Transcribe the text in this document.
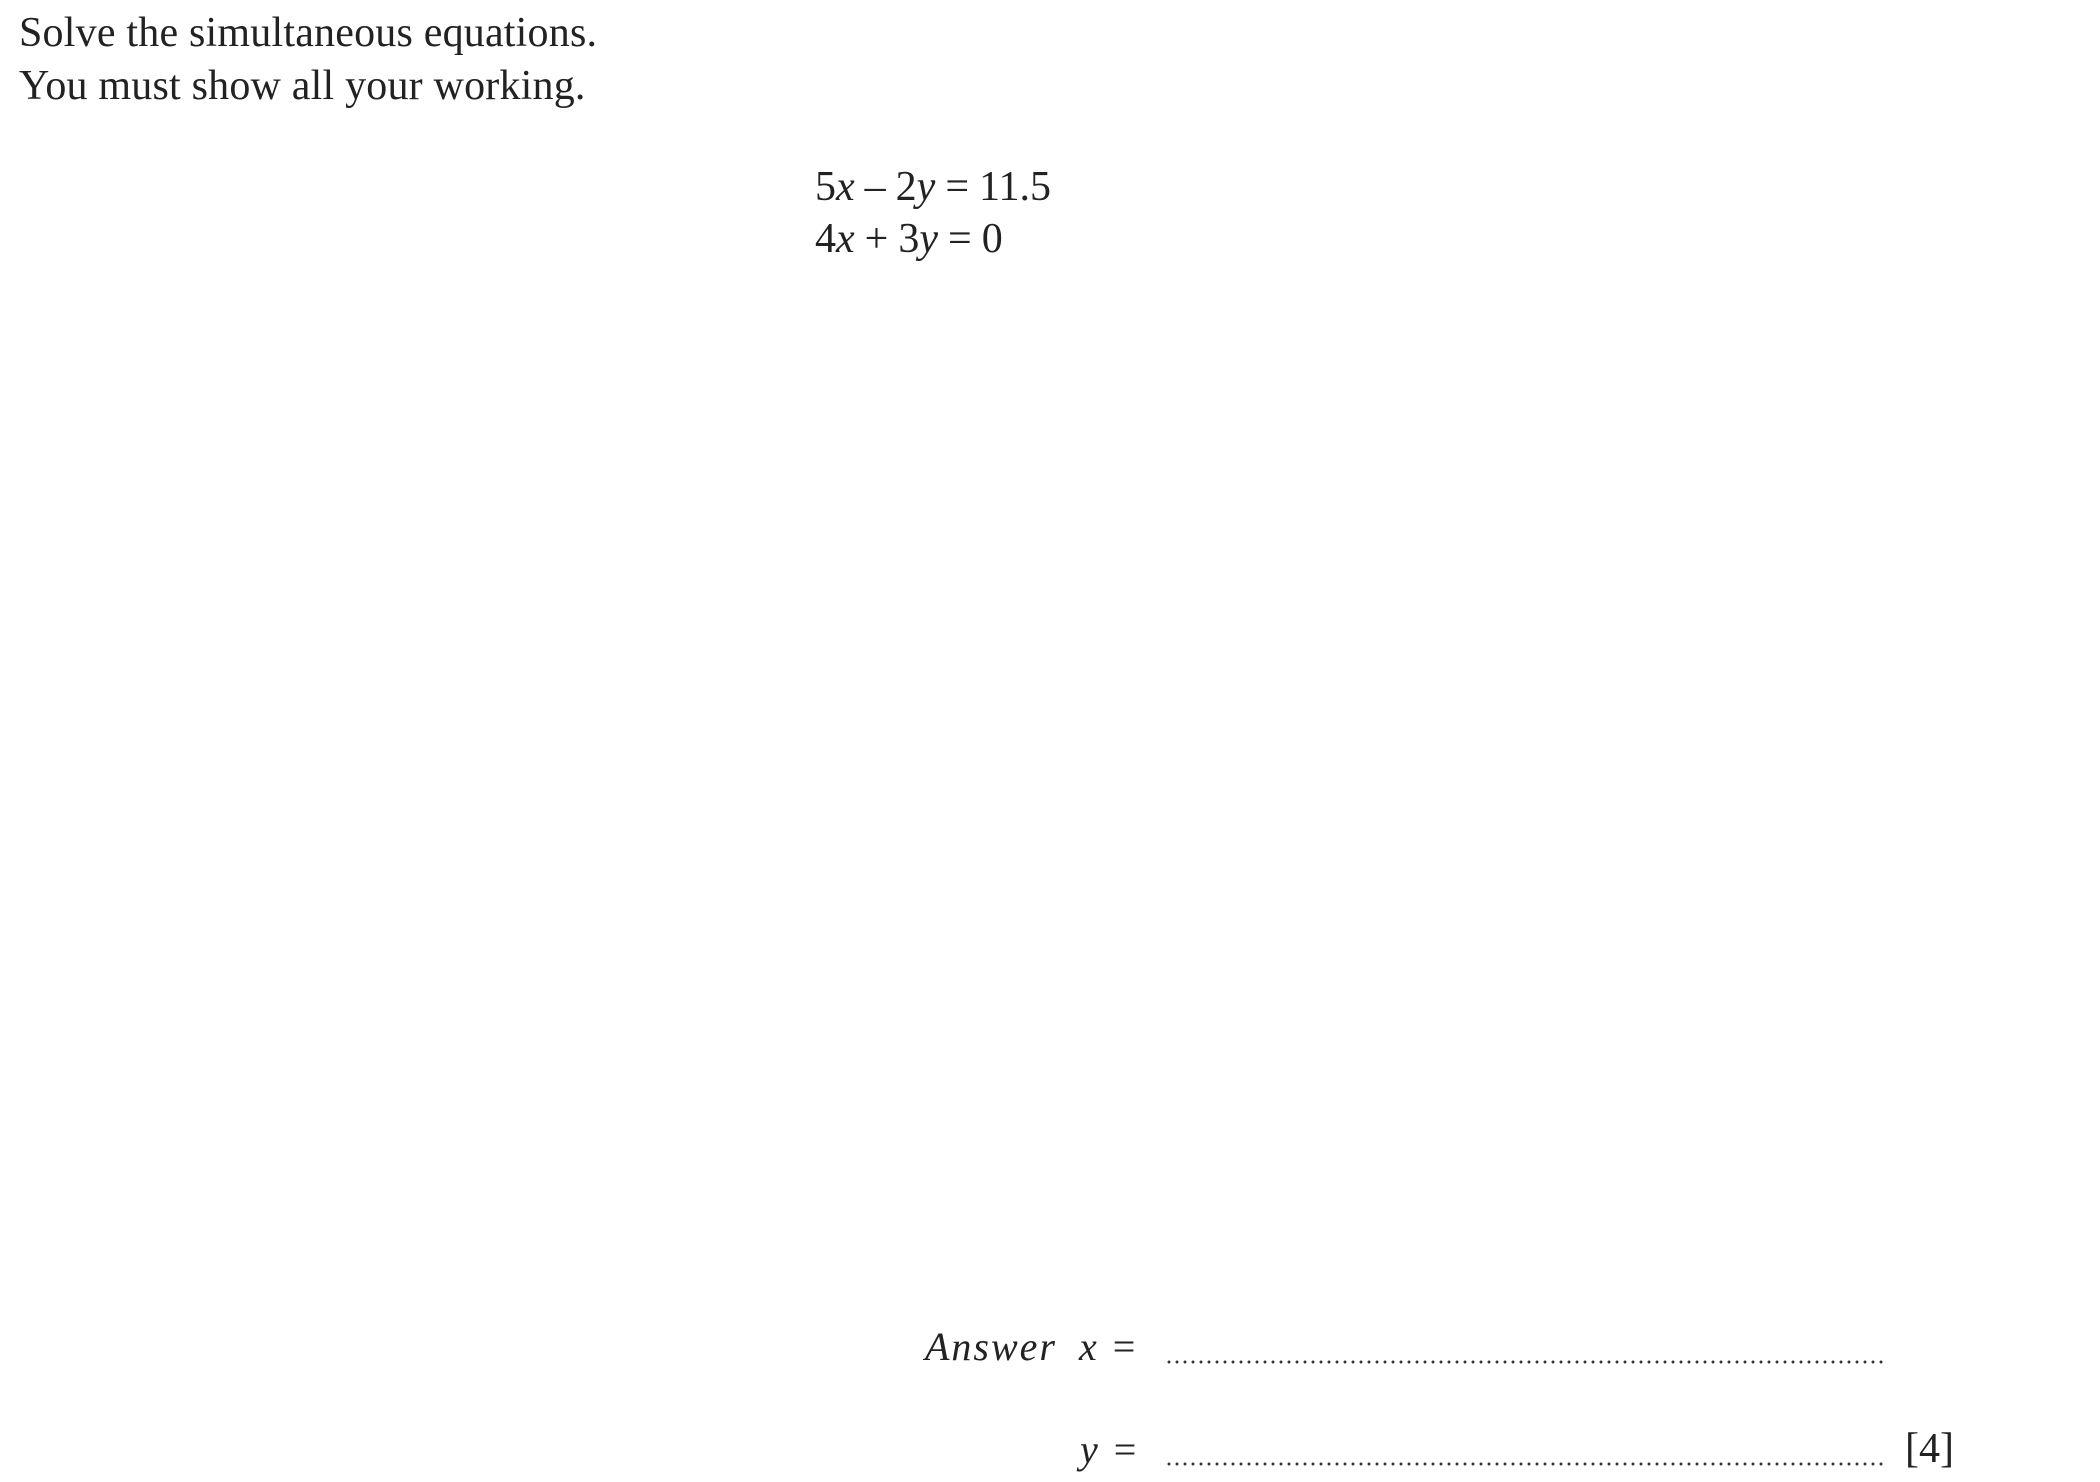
Solve the simultaneous equations.
You must show all your working.
5x – 2y = 11.5
4x + 3y = 0
Answer x =
y =	[4]
